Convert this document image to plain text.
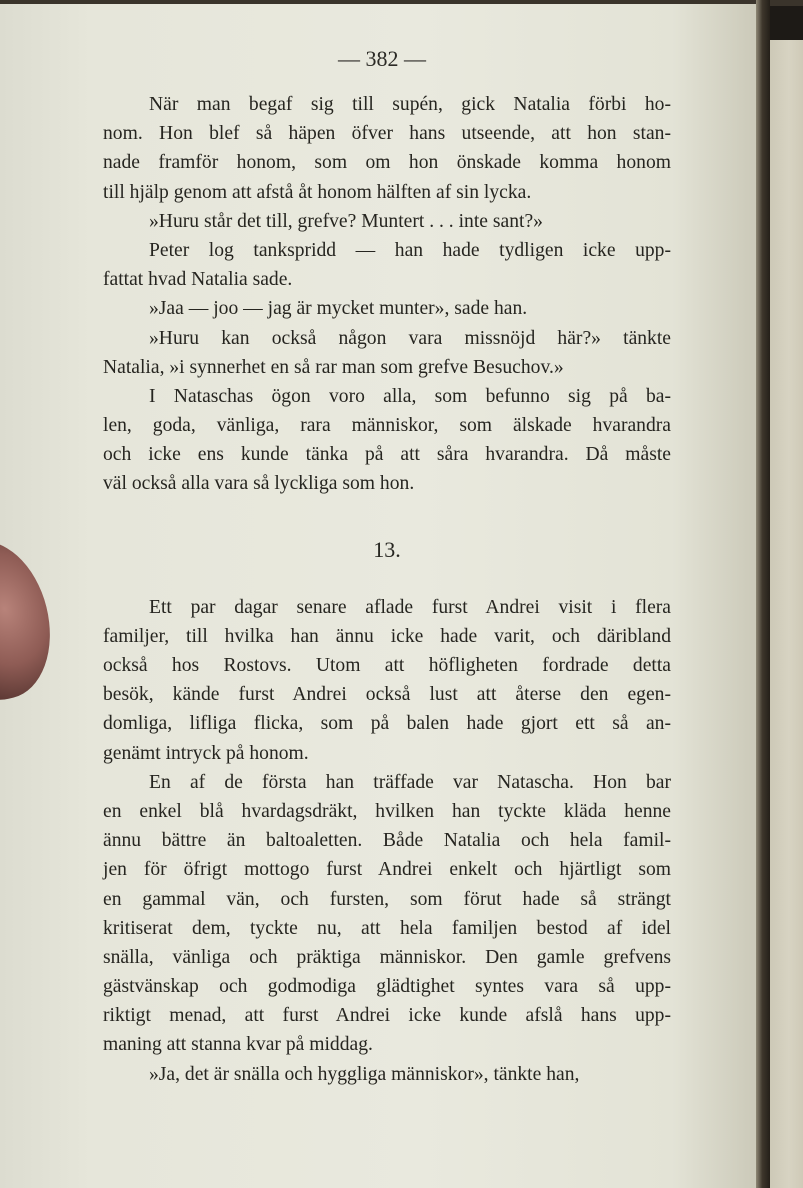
— 382 —
När man begaf sig till supén, gick Natalia förbi ho-
nom. Hon blef så häpen öfver hans utseende, att hon stan-
nade framför honom, som om hon önskade komma honom
till hjälp genom att afstå åt honom hälften af sin lycka.
»Huru står det till, grefve? Muntert . . . inte sant?»
Peter log tankspridd — han hade tydligen icke upp-
fattat hvad Natalia sade.
»Jaa — joo — jag är mycket munter», sade han.
»Huru kan också någon vara missnöjd här?» tänkte
Natalia, »i synnerhet en så rar man som grefve Besuchov.»
I Nataschas ögon voro alla, som befunno sig på ba-
len, goda, vänliga, rara människor, som älskade hvarandra
och icke ens kunde tänka på att såra hvarandra. Då måste
väl också alla vara så lyckliga som hon.
13.
Ett par dagar senare aflade furst Andrei visit i flera
familjer, till hvilka han ännu icke hade varit, och däribland
också hos Rostovs. Utom att höfligheten fordrade detta
besök, kände furst Andrei också lust att återse den egen-
domliga, lifliga flicka, som på balen hade gjort ett så an-
genämt intryck på honom.
En af de första han träffade var Natascha. Hon bar
en enkel blå hvardagsdräkt, hvilken han tyckte kläda henne
ännu bättre än baltoaletten. Både Natalia och hela famil-
jen för öfrigt mottogo furst Andrei enkelt och hjärtligt som
en gammal vän, och fursten, som förut hade så strängt
kritiserat dem, tyckte nu, att hela familjen bestod af idel
snälla, vänliga och präktiga människor. Den gamle grefvens
gästvänskap och godmodiga glädtighet syntes vara så upp-
riktigt menad, att furst Andrei icke kunde afslå hans upp-
maning att stanna kvar på middag.
»Ja, det är snälla och hyggliga människor», tänkte han,
